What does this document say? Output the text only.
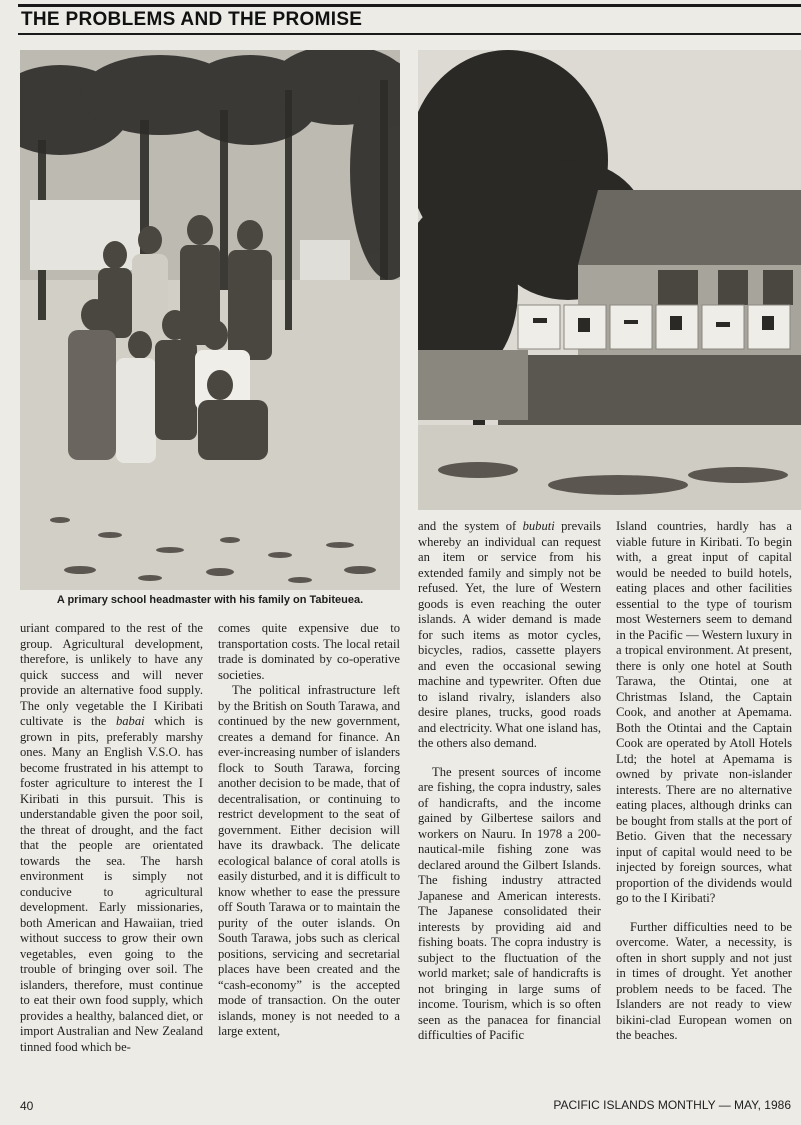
THE PROBLEMS AND THE PROMISE
A primary school headmaster with his family on Tabiteuea.

uriant compared to the rest of the group. Agricultural development, therefore, is unlikely to have any quick success and will never provide an alternative food supply. The only vegetable the I Kiribati cultivate is the babai which is grown in pits, preferably marshy ones. Many an English V.S.O. has become frustrated in his attempt to foster agriculture to interest the I Kiribati in this pursuit. This is understandable given the poor soil, the threat of drought, and the fact that the people are orientated towards the sea. The harsh environment is simply not conducive to agricultural development. Early missionaries, both American and Hawaiian, tried without success to grow their own vegetables, even going to the trouble of bringing over soil. The islanders, therefore, must continue to eat their own food supply, which provides a healthy, balanced diet, or import Australian and New Zealand tinned food which be-

comes quite expensive due to transportation costs. The local retail trade is dominated by co-operative societies.

The political infrastructure left by the British on South Tarawa, and continued by the new government, creates a demand for finance. An ever-increasing number of islanders flock to South Tarawa, forcing another decision to be made, that of decentralisation, or continuing to restrict development to the seat of government. Either decision will have its drawback. The delicate ecological balance of coral atolls is easily disturbed, and it is difficult to know whether to ease the pressure off South Tarawa or to maintain the purity of the outer islands. On South Tarawa, jobs such as clerical positions, servicing and secretarial places have been created and the “cash-economy” is the accepted mode of transaction. On the outer islands, money is not needed to a large extent,

and the system of bubuti prevails whereby an individual can request an item or service from his extended family and simply not be refused. Yet, the lure of Western goods is even reaching the outer islands. A wider demand is made for such items as motor cycles, bicycles, radios, cassette players and even the occasional sewing machine and typewriter. Often due to island rivalry, islanders also desire planes, trucks, good roads and electricity. What one island has, the others also demand.

The present sources of income are fishing, the copra industry, sales of handicrafts, and the income gained by Gilbertese sailors and workers on Nauru. In 1978 a 200-nautical-mile fishing zone was declared around the Gilbert Islands. The fishing industry attracted Japanese and American interests. The Japanese consolidated their interests by providing aid and fishing boats. The copra industry is subject to the fluctuation of the world market; sale of handicrafts is not bringing in large sums of income. Tourism, which is so often seen as the panacea for financial difficulties of Pacific

Island countries, hardly has a viable future in Kiribati. To begin with, a great input of capital would be needed to build hotels, eating places and other facilities essential to the type of tourism most Westerners seem to demand in the Pacific — Western luxury in a tropical environment. At present, there is only one hotel at South Tarawa, the Otintai, one at Christmas Island, the Captain Cook, and another at Apemama. Both the Otintai and the Captain Cook are operated by Atoll Hotels Ltd; the hotel at Apemama is owned by private non-islander interests. There are no alternative eating places, although drinks can be bought from stalls at the port of Betio. Given that the necessary input of capital would need to be injected by foreign sources, what proportion of the dividends would go to the I Kiribati?

Further difficulties need to be overcome. Water, a necessity, is often in short supply and not just in times of drought. Yet another problem needs to be faced. The Islanders are not ready to view bikini-clad European women on the beaches.

40	PACIFIC ISLANDS MONTHLY — MAY, 1986
